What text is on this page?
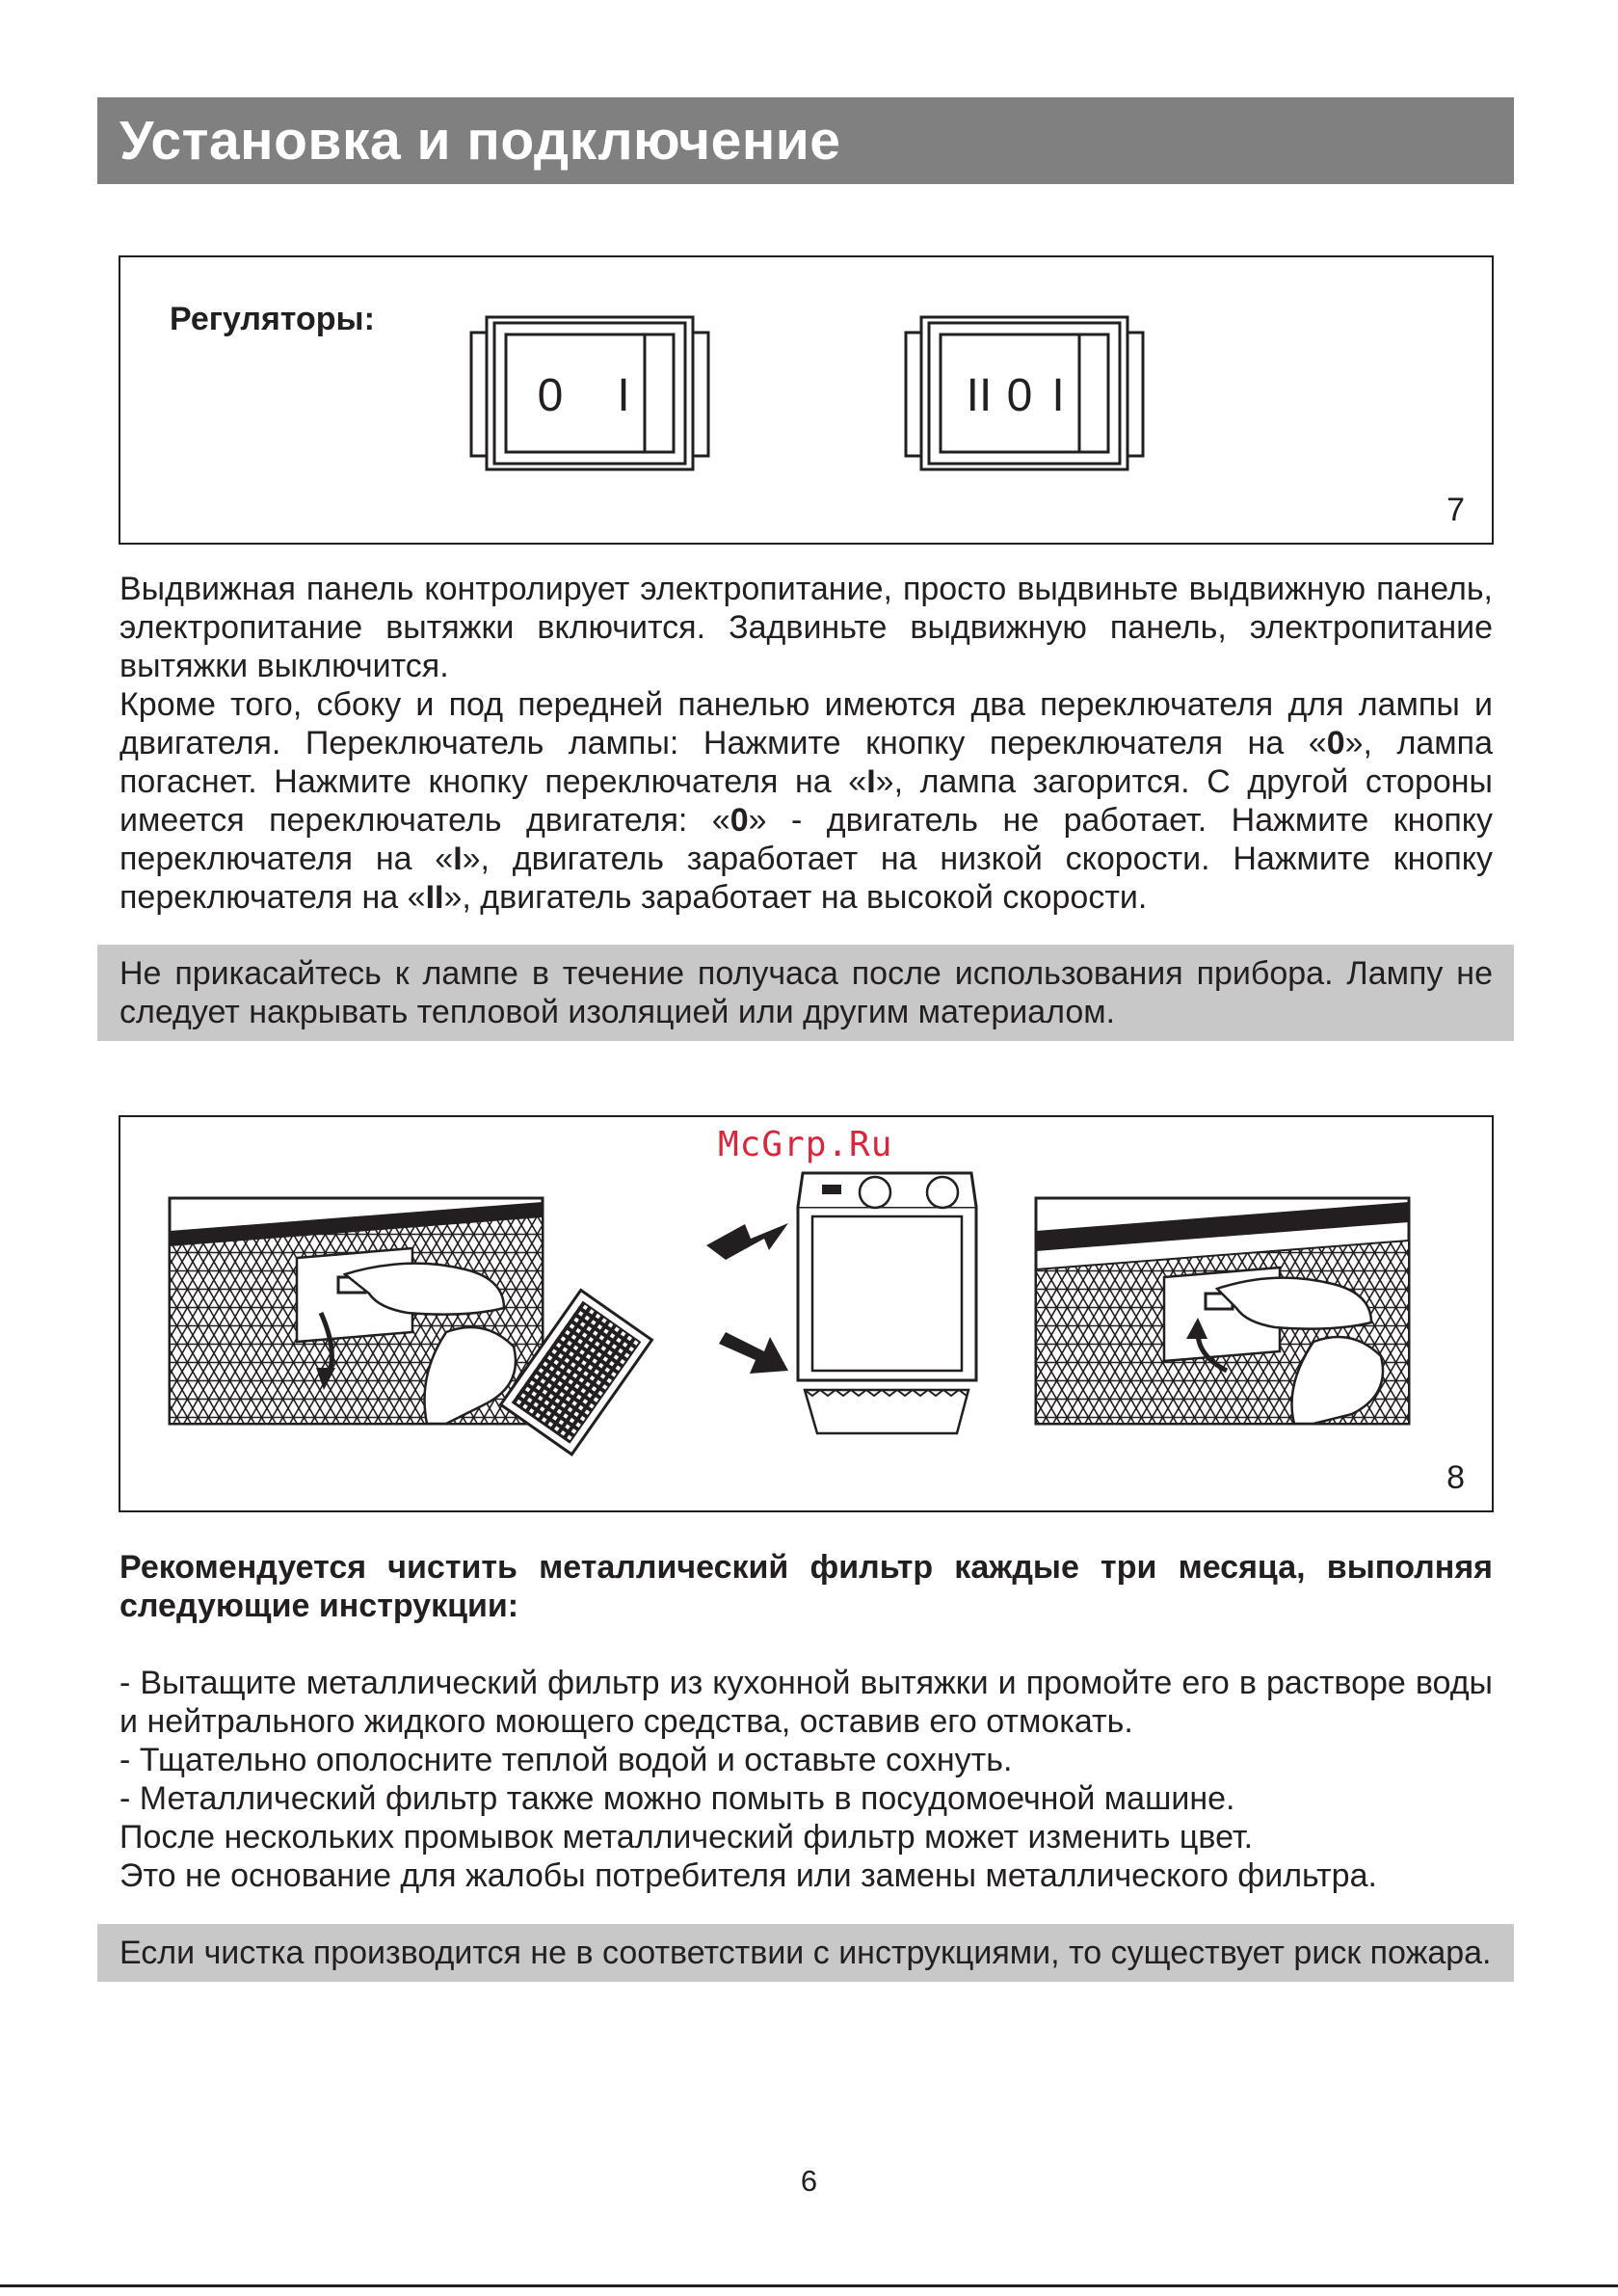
Установка и подключение
Регуляторы:
0 I	II 0 I
7

Выдвижная панель контролирует электропитание, просто выдвиньте выдвижную панель, электропитание вытяжки включится. Задвиньте выдвижную панель, электропитание вытяжки выключится.

Кроме того, сбоку и под передней панелью имеются два переключателя для лампы и двигателя. Переключатель лампы: Нажмите кнопку переключателя на «0», лампа погаснет. Нажмите кнопку переключателя на «I», лампа загорится. С другой стороны имеется переключатель двигателя: «0» - двигатель не работает. Нажмите кнопку переключателя на «I», двигатель заработает на низкой скорости. Нажмите кнопку переключателя на «II», двигатель заработает на высокой скорости.

Не прикасайтесь к лампе в течение получаса после использования прибора. Лампу не следует накрывать тепловой изоляцией или другим материалом.

8
McGrp.Ru

Рекомендуется чистить металлический фильтр каждые три месяца, выполняя следующие инструкции:

- Вытащите металлический фильтр из кухонной вытяжки и промойте его в растворе воды и нейтрального жидкого моющего средства, оставив его отмокать.

- Тщательно ополосните теплой водой и оставьте сохнуть.

- Металлический фильтр также можно помыть в посудомоечной машине.

После нескольких промывок металлический фильтр может изменить цвет.

Это не основание для жалобы потребителя или замены металлического фильтра.

Если чистка производится не в соответствии с инструкциями, то существует риск пожара.

6
